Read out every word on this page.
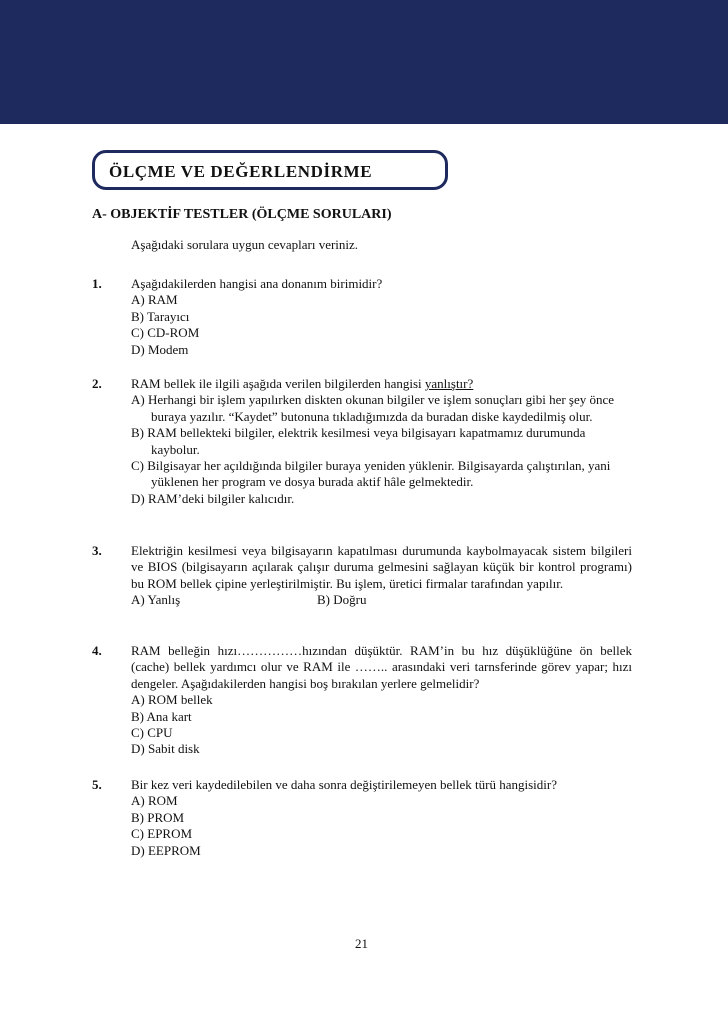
ÖLÇME VE DEĞERLENDİRME
A- OBJEKTİF TESTLER (ÖLÇME SORULARI)
Aşağıdaki sorulara uygun cevapları veriniz.
1. Aşağıdakilerden hangisi ana donanım birimidir?
A) RAM
B) Tarayıcı
C) CD-ROM
D) Modem
2. RAM bellek ile ilgili aşağıda verilen bilgilerden hangisi yanlıştır?
A) Herhangi bir işlem yapılırken diskten okunan bilgiler ve işlem sonuçları gibi her şey önce buraya yazılır. “Kaydet” butonuna tıkladığımızda da buradan diske kaydedilmiş olur.
B) RAM bellekteki bilgiler, elektrik kesilmesi veya bilgisayarı kapatmamız durumunda kaybolur.
C) Bilgisayar her açıldığında bilgiler buraya yeniden yüklenir. Bilgisayarda çalıştırılan, yani yüklenen her program ve dosya burada aktif hâle gelmektedir.
D) RAM’deki bilgiler kalıcıdır.
3. Elektriğin kesilmesi veya bilgisayarın kapatılması durumunda kaybolmayacak sistem bilgileri ve BIOS (bilgisayarın açılarak çalışır duruma gelmesini sağlayan küçük bir kontrol programı) bu ROM bellek çipine yerleştirilmiştir. Bu işlem, üretici firmalar tarafından yapılır.
A) Yanlış	B) Doğru
4. RAM belleğin hızı……………hızından düşüktür. RAM’in bu hız düşüklüğüne ön bellek (cache) bellek yardımcı olur ve RAM ile …….. arasındaki veri tarnsferinde görev yapar; hızı dengeler. Aşağıdakilerden hangisi boş bırakılan yerlere gelmelidir?
A) ROM bellek
B) Ana kart
C) CPU
D) Sabit disk
5. Bir kez veri kaydedilebilen ve daha sonra değiştirilemeyen bellek türü hangisidir?
A) ROM
B) PROM
C) EPROM
D) EEPROM
21
